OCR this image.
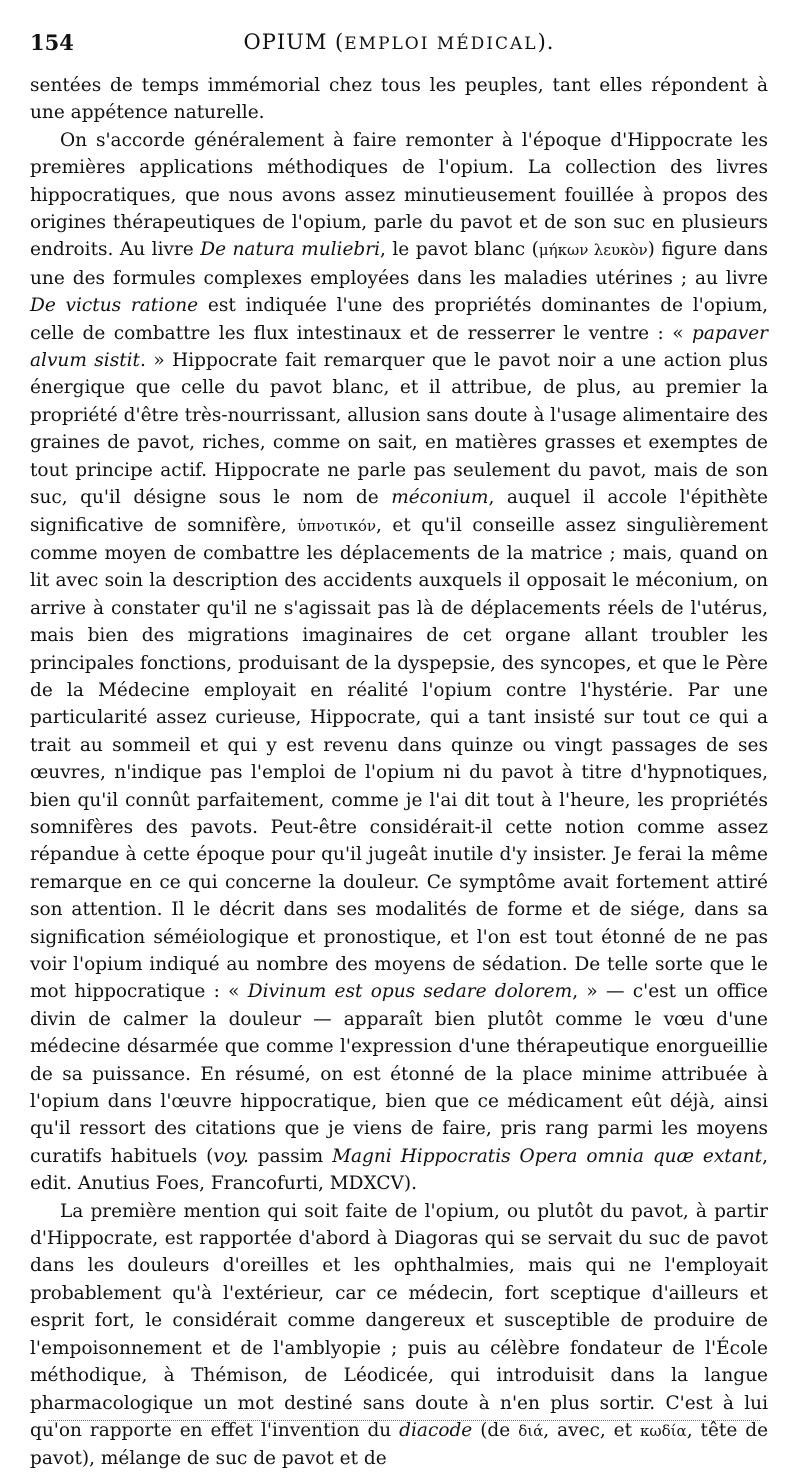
154	OPIUM (EMPLOI MÉDICAL).

sentées de temps immémorial chez tous les peuples, tant elles répondent à une appétence naturelle.

On s'accorde généralement à faire remonter à l'époque d'Hippocrate les premières applications méthodiques de l'opium. La collection des livres hippocratiques, que nous avons assez minutieusement fouillée à propos des origines thérapeutiques de l'opium, parle du pavot et de son suc en plusieurs endroits. Au livre De natura muliebri, le pavot blanc (μήκων λευκὸν) figure dans une des formules complexes employées dans les maladies utérines ; au livre De victus ratione est indiquée l'une des propriétés dominantes de l'opium, celle de combattre les flux intestinaux et de resserrer le ventre : « papaver alvum sistit. » Hippocrate fait remarquer que le pavot noir a une action plus énergique que celle du pavot blanc, et il attribue, de plus, au premier la propriété d'être très-nourrissant, allusion sans doute à l'usage alimentaire des graines de pavot, riches, comme on sait, en matières grasses et exemptes de tout principe actif. Hippocrate ne parle pas seulement du pavot, mais de son suc, qu'il désigne sous le nom de méconium, auquel il accole l'épithète significative de somnifère, ὑπνοτικόν, et qu'il conseille assez singulièrement comme moyen de combattre les déplacements de la matrice ; mais, quand on lit avec soin la description des accidents auxquels il opposait le méconium, on arrive à constater qu'il ne s'agissait pas là de déplacements réels de l'utérus, mais bien des migrations imaginaires de cet organe allant troubler les principales fonctions, produisant de la dyspepsie, des syncopes, et que le Père de la Médecine employait en réalité l'opium contre l'hystérie. Par une particularité assez curieuse, Hippocrate, qui a tant insisté sur tout ce qui a trait au sommeil et qui y est revenu dans quinze ou vingt passages de ses œuvres, n'indique pas l'emploi de l'opium ni du pavot à titre d'hypnotiques, bien qu'il connût parfaitement, comme je l'ai dit tout à l'heure, les propriétés somnifères des pavots. Peut-être considérait-il cette notion comme assez répandue à cette époque pour qu'il jugeât inutile d'y insister. Je ferai la même remarque en ce qui concerne la douleur. Ce symptôme avait fortement attiré son attention. Il le décrit dans ses modalités de forme et de siége, dans sa signification séméiologique et pronostique, et l'on est tout étonné de ne pas voir l'opium indiqué au nombre des moyens de sédation. De telle sorte que le mot hippocratique : « Divinum est opus sedare dolorem, » — c'est un office divin de calmer la douleur — apparaît bien plutôt comme le vœu d'une médecine désarmée que comme l'expression d'une thérapeutique enorgueillie de sa puissance. En résumé, on est étonné de la place minime attribuée à l'opium dans l'œuvre hippocratique, bien que ce médicament eût déjà, ainsi qu'il ressort des citations que je viens de faire, pris rang parmi les moyens curatifs habituels (voy. passim Magni Hippocratis Opera omnia quæ extant, edit. Anutius Foes, Francofurti, MDXCV).

La première mention qui soit faite de l'opium, ou plutôt du pavot, à partir d'Hippocrate, est rapportée d'abord à Diagoras qui se servait du suc de pavot dans les douleurs d'oreilles et les ophthalmies, mais qui ne l'employait probablement qu'à l'extérieur, car ce médecin, fort sceptique d'ailleurs et esprit fort, le considérait comme dangereux et susceptible de produire de l'empoisonnement et de l'amblyopie ; puis au célèbre fondateur de l'École méthodique, à Thémison, de Léodicée, qui introduisit dans la langue pharmacologique un mot destiné sans doute à n'en plus sortir. C'est à lui qu'on rapporte en effet l'invention du diacode (de διά, avec, et κωδία, tête de pavot), mélange de suc de pavot et de
